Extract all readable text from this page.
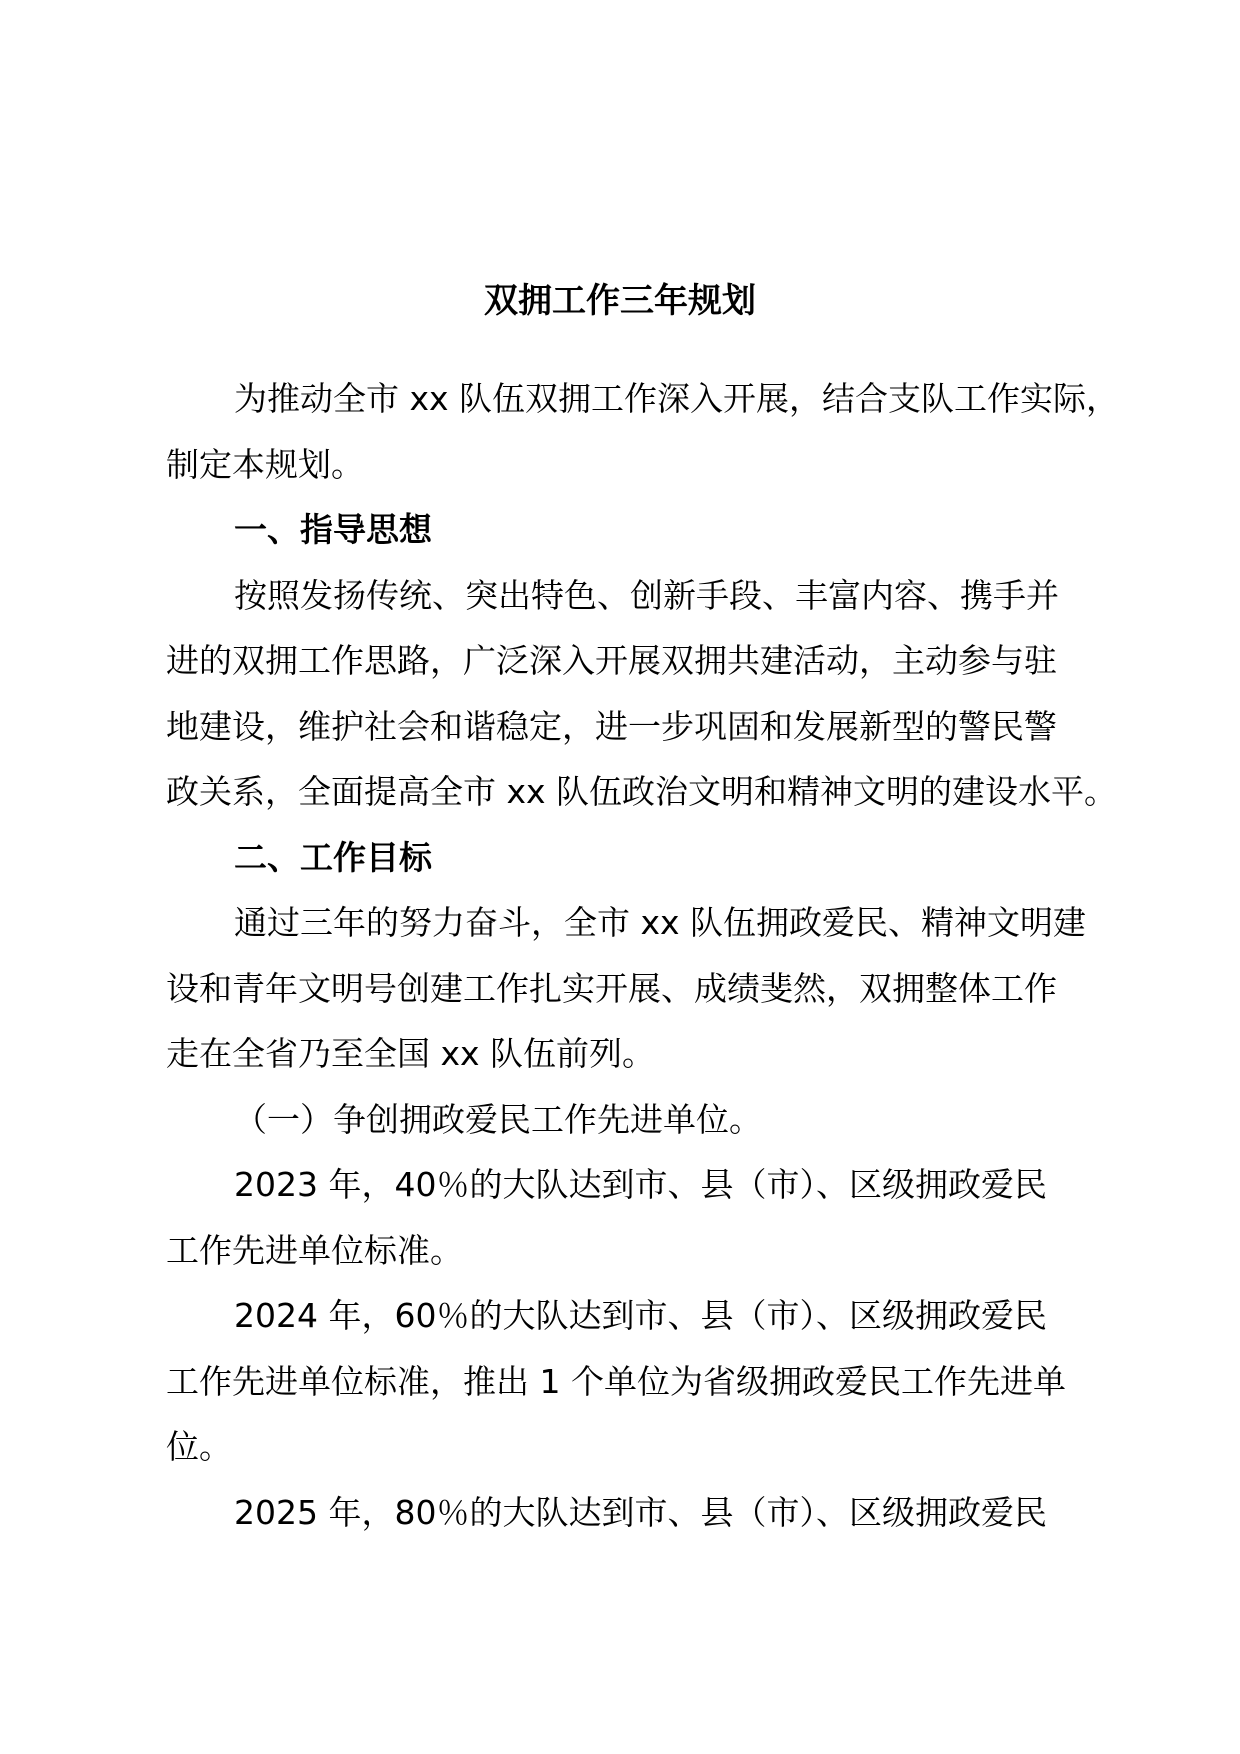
双拥工作三年规划
为推动全市 xx 队伍双拥工作深入开展，结合支队工作实际，
制定本规划。
一、指导思想
按照发扬传统、突出特色、创新手段、丰富内容、携手并
进的双拥工作思路，广泛深入开展双拥共建活动，主动参与驻
地建设，维护社会和谐稳定，进一步巩固和发展新型的警民警
政关系，全面提高全市 xx 队伍政治文明和精神文明的建设水平。
二、工作目标
通过三年的努力奋斗，全市 xx 队伍拥政爱民、精神文明建
设和青年文明号创建工作扎实开展、成绩斐然，双拥整体工作
走在全省乃至全国 xx 队伍前列。
（一）争创拥政爱民工作先进单位。
2023 年，40％的大队达到市、县（市）、区级拥政爱民
工作先进单位标准。
2024 年，60％的大队达到市、县（市）、区级拥政爱民
工作先进单位标准，推出 1 个单位为省级拥政爱民工作先进单
位。
2025 年，80％的大队达到市、县（市）、区级拥政爱民
